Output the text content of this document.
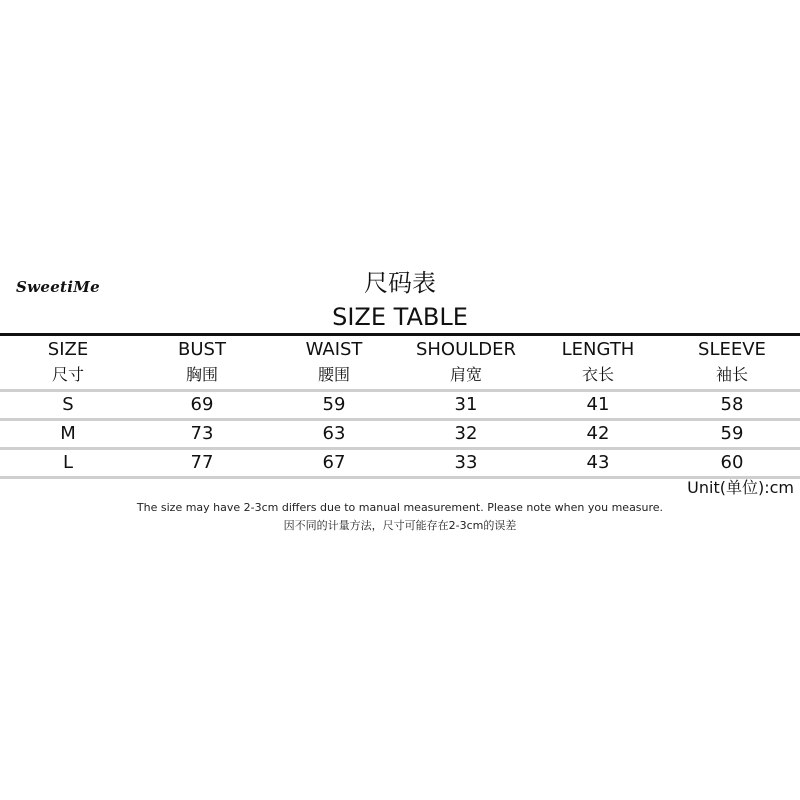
SweetiMe	尺码表
SIZE TABLE
SIZE	BUST	WAIST	SHOULDER	LENGTH	SLEEVE
尺寸	胸围	腰围	肩宽	衣长	袖长
S	69	59	31	41	58
M	73	63	32	42	59
L	77	67	33	43	60
Unit(单位):cm
The size may have 2-3cm differs due to manual measurement. Please note when you measure.
因不同的计量方法，尺寸可能存在2-3cm的误差
